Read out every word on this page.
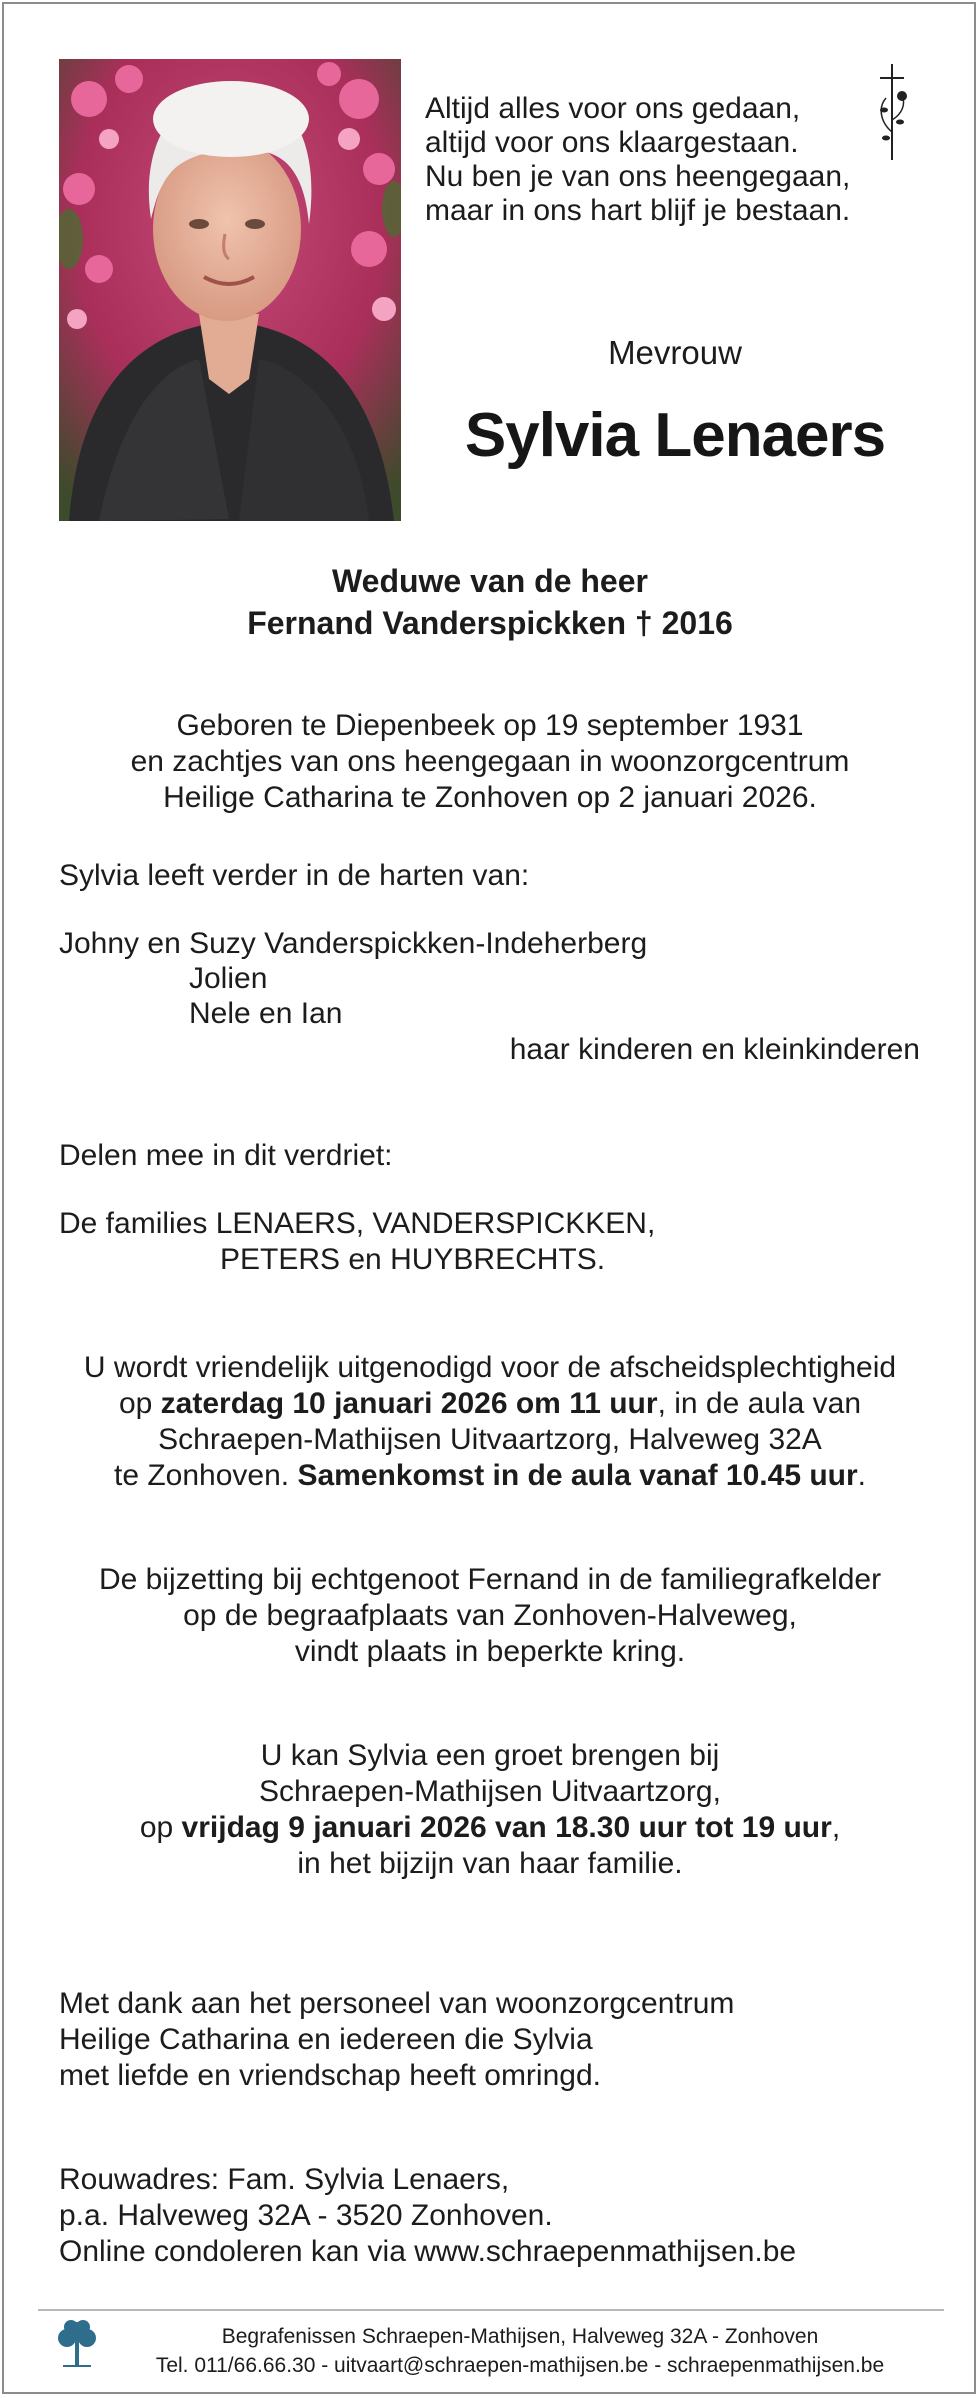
Altijd alles voor ons gedaan,
altijd voor ons klaargestaan.
Nu ben je van ons heengegaan,
maar in ons hart blijf je bestaan.
Mevrouw
Sylvia Lenaers
Weduwe van de heer
Fernand Vanderspickken † 2016
Geboren te Diepenbeek op 19 september 1931
en zachtjes van ons heengegaan in woonzorgcentrum
Heilige Catharina te Zonhoven op 2 januari 2026.
Sylvia leeft verder in de harten van:
Johny en Suzy Vanderspickken-Indeherberg
Jolien
Nele en Ian
haar kinderen en kleinkinderen
Delen mee in dit verdriet:
De families LENAERS, VANDERSPICKKEN,
PETERS en HUYBRECHTS.
U wordt vriendelijk uitgenodigd voor de afscheidsplechtigheid
op zaterdag 10 januari 2026 om 11 uur, in de aula van
Schraepen-Mathijsen Uitvaartzorg, Halveweg 32A
te Zonhoven. Samenkomst in de aula vanaf 10.45 uur.
De bijzetting bij echtgenoot Fernand in de familiegrafkelder
op de begraafplaats van Zonhoven-Halveweg,
vindt plaats in beperkte kring.
U kan Sylvia een groet brengen bij
Schraepen-Mathijsen Uitvaartzorg,
op vrijdag 9 januari 2026 van 18.30 uur tot 19 uur,
in het bijzijn van haar familie.
Met dank aan het personeel van woonzorgcentrum
Heilige Catharina en iedereen die Sylvia
met liefde en vriendschap heeft omringd.
Rouwadres: Fam. Sylvia Lenaers,
p.a. Halveweg 32A - 3520 Zonhoven.
Online condoleren kan via www.schraepenmathijsen.be
Begrafenissen Schraepen-Mathijsen, Halveweg 32A - Zonhoven
Tel. 011/66.66.30 - uitvaart@schraepen-mathijsen.be - schraepenmathijsen.be
